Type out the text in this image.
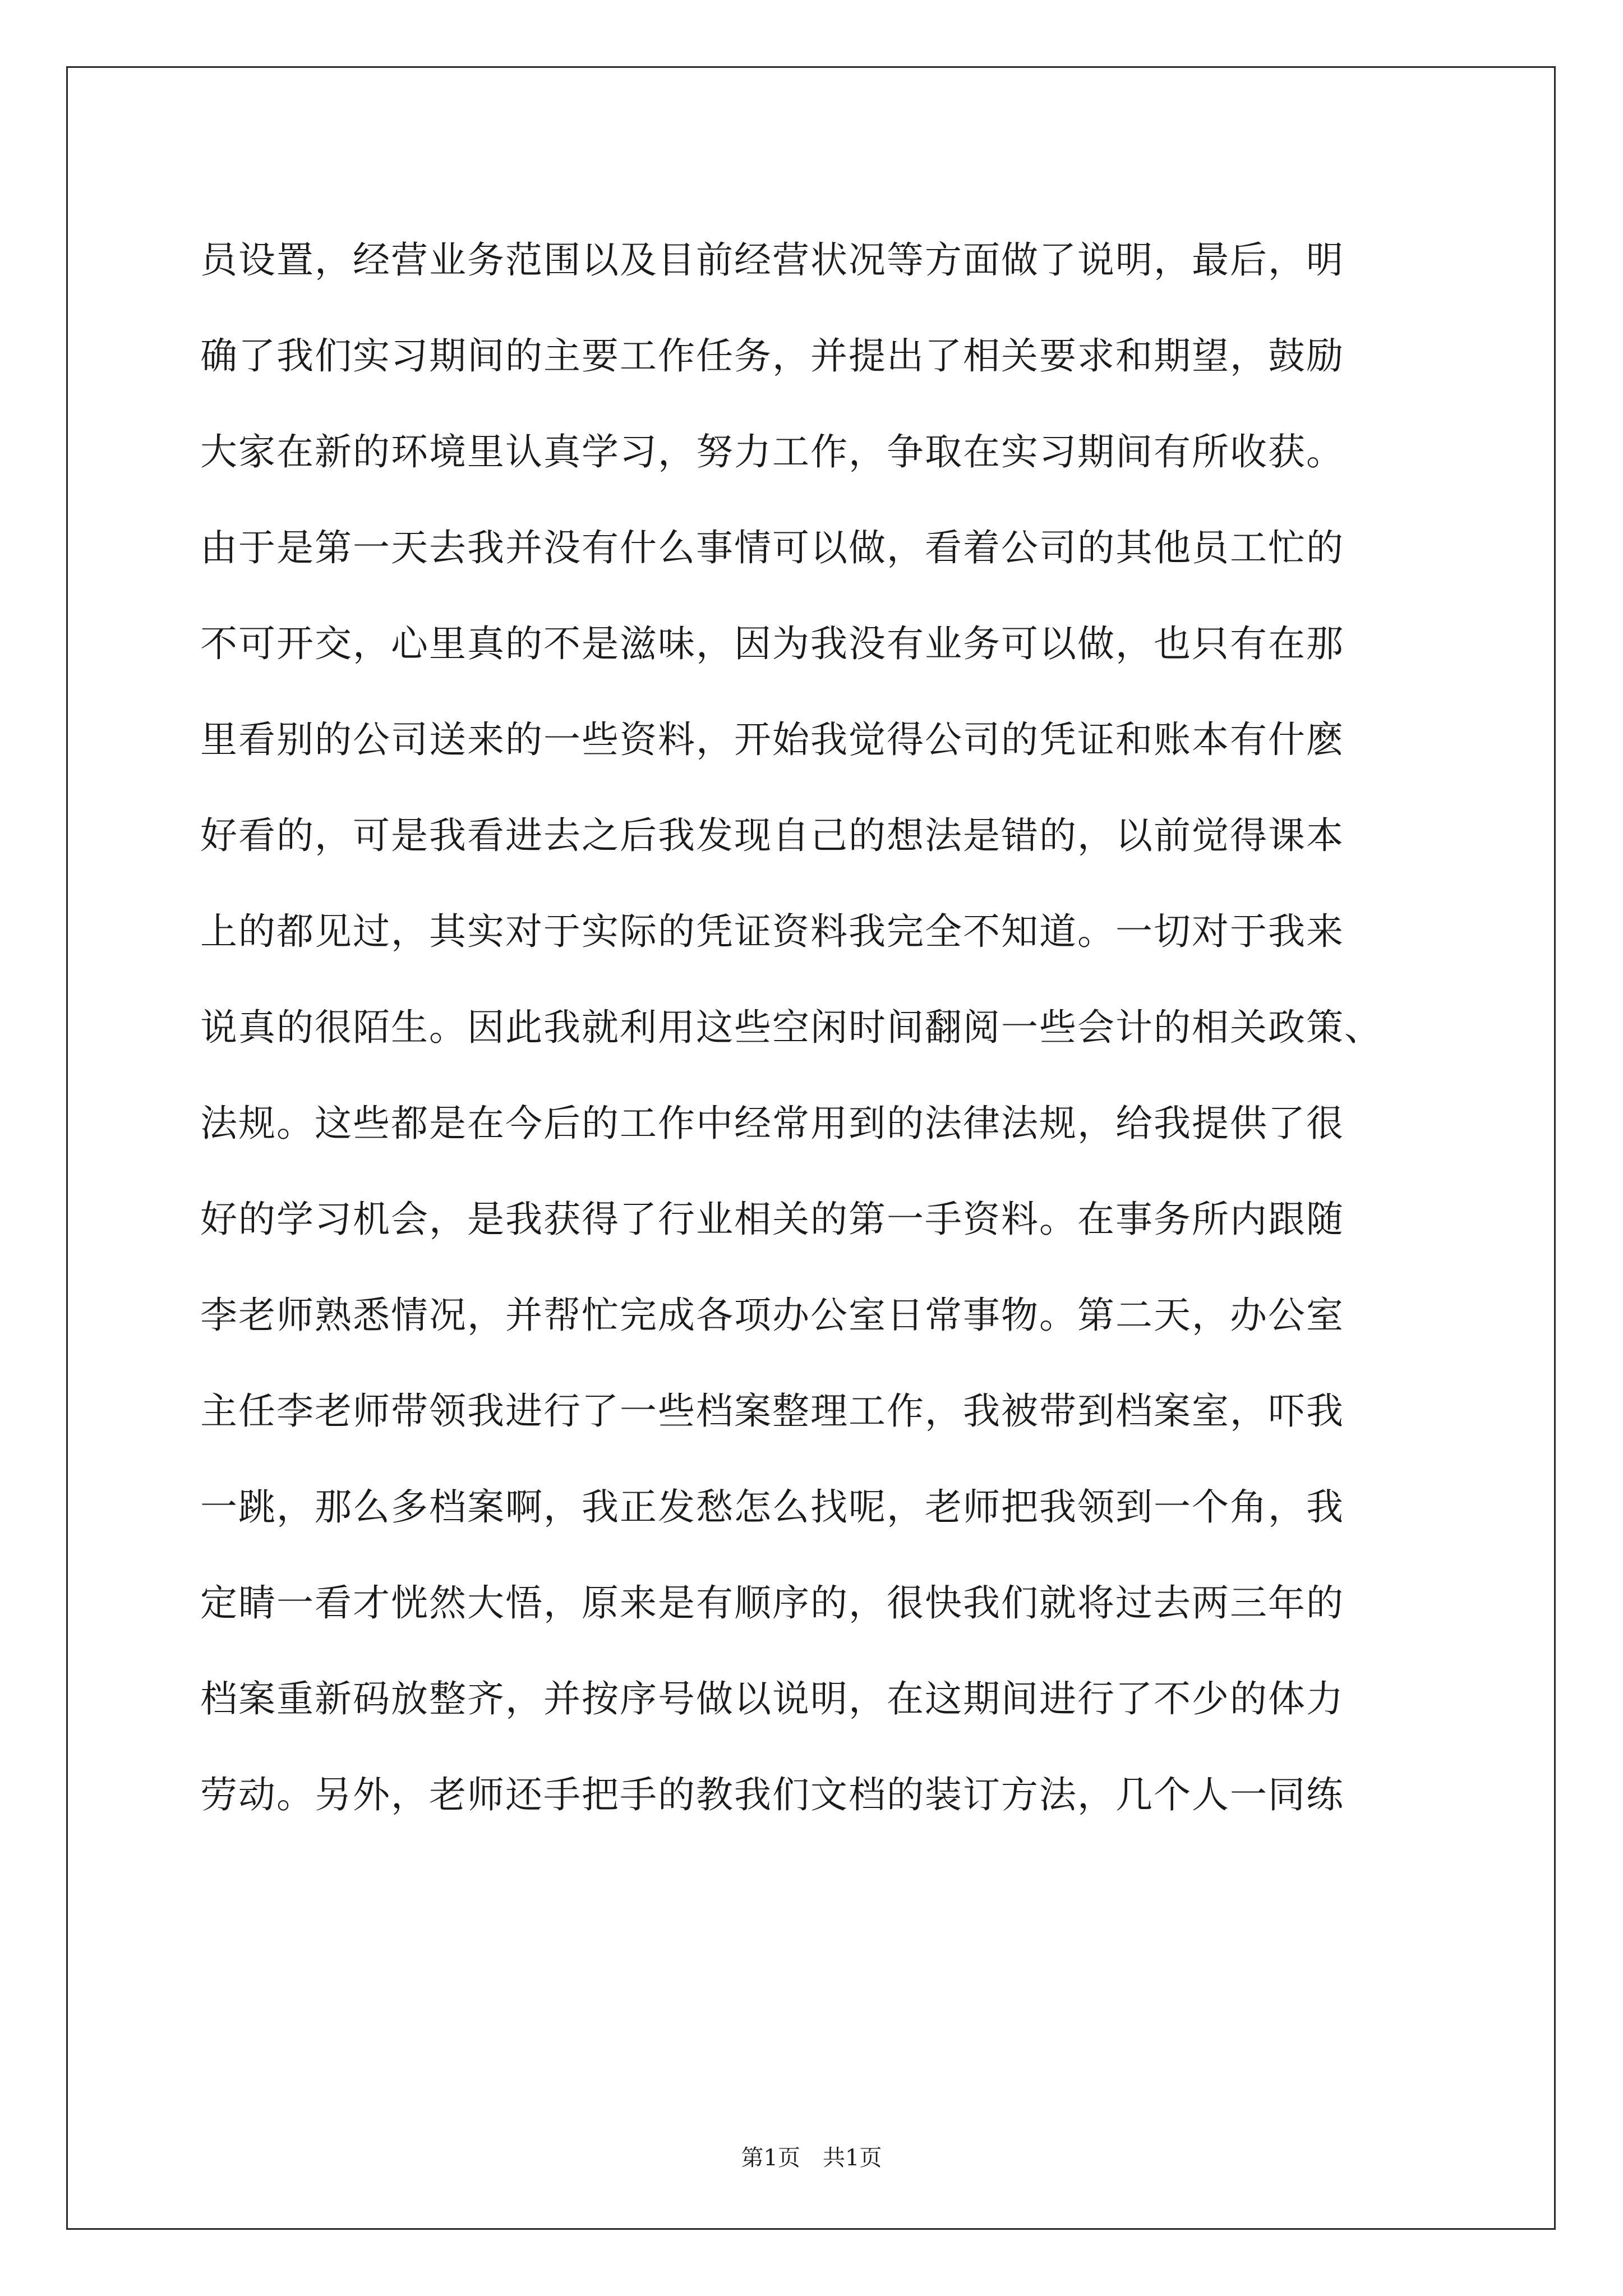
员设置，经营业务范围以及目前经营状况等方面做了说明，最后，明
确了我们实习期间的主要工作任务，并提出了相关要求和期望，鼓励
大家在新的环境里认真学习，努力工作，争取在实习期间有所收获。
由于是第一天去我并没有什么事情可以做，看着公司的其他员工忙的
不可开交，心里真的不是滋味，因为我没有业务可以做，也只有在那
里看别的公司送来的一些资料，开始我觉得公司的凭证和账本有什麽
好看的，可是我看进去之后我发现自己的想法是错的，以前觉得课本
上的都见过，其实对于实际的凭证资料我完全不知道。一切对于我来
说真的很陌生。因此我就利用这些空闲时间翻阅一些会计的相关政策、
法规。这些都是在今后的工作中经常用到的法律法规，给我提供了很
好的学习机会，是我获得了行业相关的第一手资料。在事务所内跟随
李老师熟悉情况，并帮忙完成各项办公室日常事物。第二天，办公室
主任李老师带领我进行了一些档案整理工作，我被带到档案室，吓我
一跳，那么多档案啊，我正发愁怎么找呢，老师把我领到一个角，我
定睛一看才恍然大悟，原来是有顺序的，很快我们就将过去两三年的
档案重新码放整齐，并按序号做以说明，在这期间进行了不少的体力
劳动。另外，老师还手把手的教我们文档的装订方法，几个人一同练
第1页　共1页
